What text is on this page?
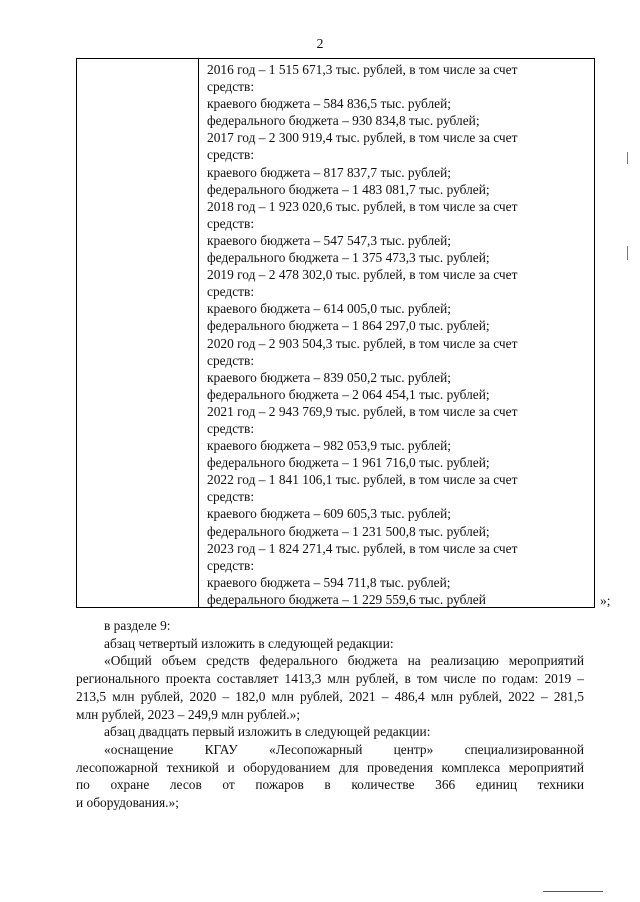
2
2016 год – 1 515 671,3 тыс. рублей, в том числе за счет
средств:
краевого бюджета – 584 836,5 тыс. рублей;
федерального бюджета – 930 834,8 тыс. рублей;
2017 год – 2 300 919,4 тыс. рублей, в том числе за счет
средств:
краевого бюджета – 817 837,7 тыс. рублей;
федерального бюджета – 1 483 081,7 тыс. рублей;
2018 год – 1 923 020,6 тыс. рублей, в том числе за счет
средств:
краевого бюджета – 547 547,3 тыс. рублей;
федерального бюджета – 1 375 473,3 тыс. рублей;
2019 год – 2 478 302,0 тыс. рублей, в том числе за счет
средств:
краевого бюджета – 614 005,0 тыс. рублей;
федерального бюджета – 1 864 297,0 тыс. рублей;
2020 год – 2 903 504,3 тыс. рублей, в том числе за счет
средств:
краевого бюджета – 839 050,2 тыс. рублей;
федерального бюджета – 2 064 454,1 тыс. рублей;
2021 год – 2 943 769,9 тыс. рублей, в том числе за счет
средств:
краевого бюджета – 982 053,9 тыс. рублей;
федерального бюджета – 1 961 716,0 тыс. рублей;
2022 год – 1 841 106,1 тыс. рублей, в том числе за счет
средств:
краевого бюджета – 609 605,3 тыс. рублей;
федерального бюджета – 1 231 500,8 тыс. рублей;
2023 год – 1 824 271,4 тыс. рублей, в том числе за счет
средств:
краевого бюджета – 594 711,8 тыс. рублей;
федерального бюджета – 1 229 559,6 тыс. рублей	»;

в разделе 9:

абзац четвертый изложить в следующей редакции:

«Общий объем средств федерального бюджета на реализацию мероприятий

регионального проекта составляет 1413,3 млн рублей, в том числе по годам: 2019 –

213,5 млн рублей, 2020 – 182,0 млн рублей, 2021 – 486,4 млн рублей, 2022 – 281,5

млн рублей, 2023 – 249,9 млн рублей.»;

абзац двадцать первый изложить в следующей редакции:

«оснащение КГАУ «Лесопожарный центр» специализированной

лесопожарной техникой и оборудованием для проведения комплекса мероприятий

по охране лесов от пожаров в количестве 366 единиц техники

и оборудования.»;
